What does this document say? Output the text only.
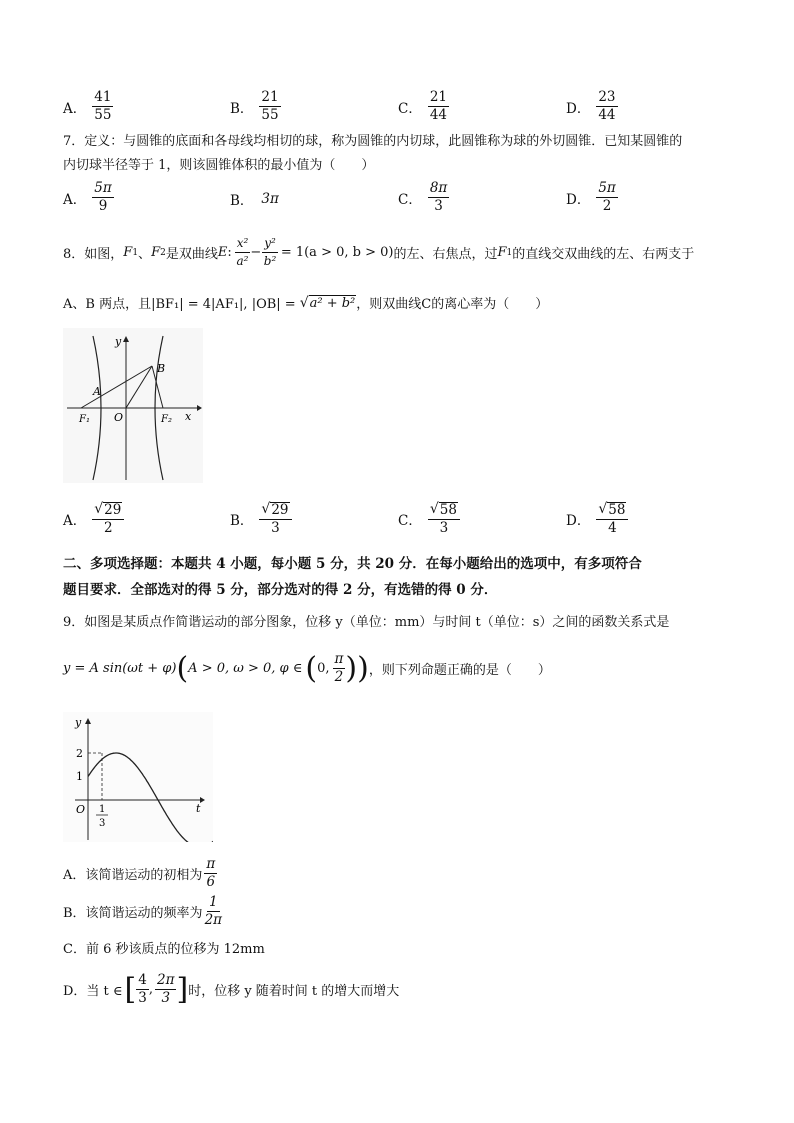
A． $\frac{41}{55}$	B． $\frac{21}{55}$	C． $\frac{21}{44}$	D． $\frac{23}{44}$
7．定义：与圆锥的底面和各母线均相切的球，称为圆锥的内切球，此圆锥称为球的外切圆锥．已知某圆锥的
内切球半径等于 1，则该圆锥体积的最小值为（　　）
A． $\frac{5\pi}{9}$	B． 3π	C． $\frac{8\pi}{3}$	D． $\frac{5\pi}{2}$
8．如图， F 1 、 F 2 是双曲线 E : $\frac{\text{x²}}{\text{a²}} - \frac{\text{y²}}{\text{b²}} = 1(a > 0$, b > 0) 的左、右焦点，过 F 1 的直线交双曲线的左、右两支于
A、B 两点，且|BF₁| = 4|AF₁|, |OB| = √ a² + b² ，则双曲线C的离心率为（　　）
y
x
O
A
B
F₁	F₂
A． $\frac{√ 29}{2}$	B． $\frac{√ 29}{3}$	C． $\frac{√ 58}{3}$	D． $\frac{√ 58}{4}$
二、多项选择题：本题共 4 小题，每小题 5 分，共 20 分．在每小题给出的选项中，有多项符合
题目要求．全部选对的得 5 分，部分选对的得 2 分，有选错的得 0 分．
9．如图是某质点作简谐运动的部分图象，位移 y（单位：mm）与时间 t（单位：s）之间的函数关系式是
y = A sin(ωt + φ) ( A > 0, ω > 0, φ ∈ ( 0, $\frac{\pi}{2}$ ) ) ，则下列命题正确的是（　　）
y
t
O
2
1
1
3
A．该简谐运动的初相为 $\frac{\pi}{6}$
B．该简谐运动的频率为 $\frac{1}{2\pi}$
C．前 6 秒该质点的位移为 12mm
D．当 t ∈ [ $\frac{4}{3}$ , $\frac{2\pi}{3}$ ] 时，位移 y 随着时间 t 的增大而增大
